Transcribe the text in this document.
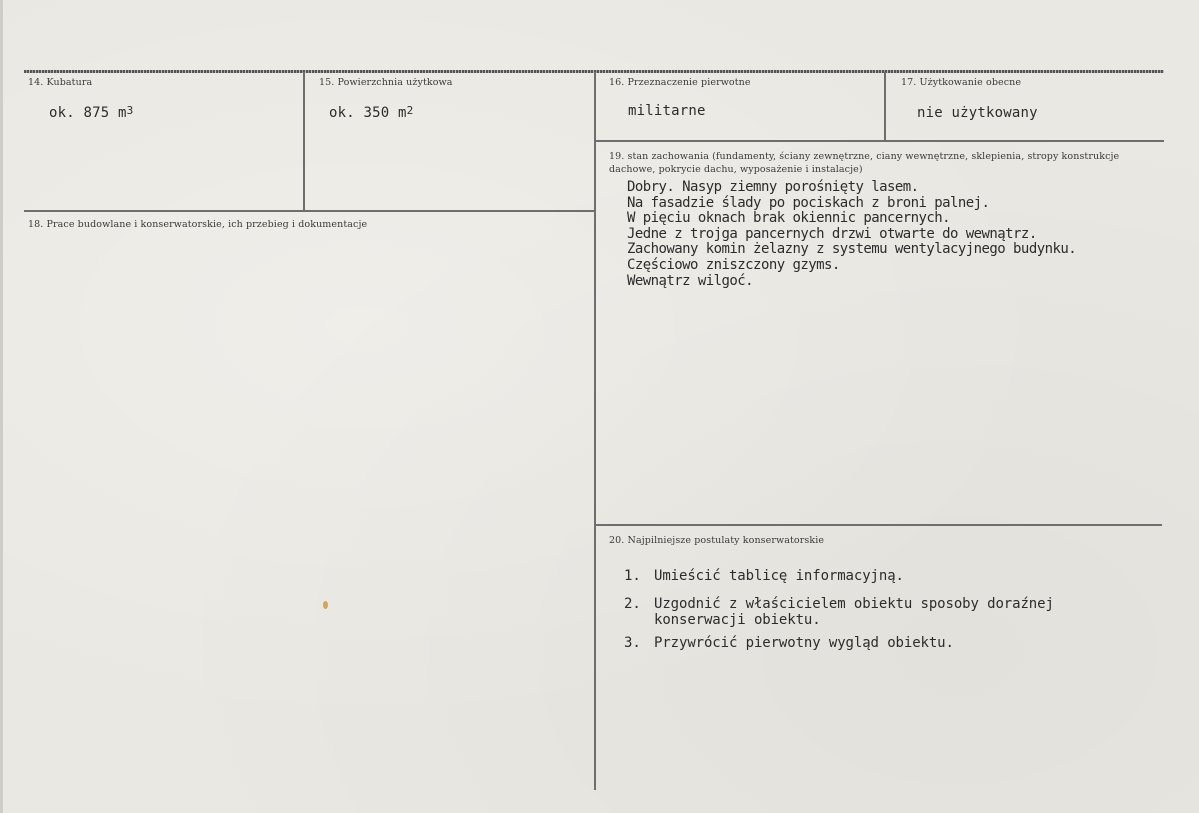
14. Kubatura
ok. 875 $m^3$
15. Powierzchnia użytkowa
ok. 350 $m^2$
16. Przeznaczenie pierwotne
militarne
17. Użytkowanie obecne
nie użytkowany
18. Prace budowlane i konserwatorskie, ich przebieg i dokumentacje
19. stan zachowania (fundamenty, ściany zewnętrzne, ciany wewnętrzne, sklepienia, stropy konstrukcje dachowe, pokrycie dachu, wyposażenie i instalacje)
Dobry. Nasyp ziemny porośnięty lasem.
Na fasadzie ślady po pociskach z broni palnej.
W pięciu oknach brak okiennic pancernych.
Jedne z trojga pancernych drzwi otwarte do wewnątrz.
Zachowany komin żelazny z systemu wentylacyjnego budynku.
Częściowo zniszczony gzyms.
Wewnątrz wilgoć.
20. Najpilniejsze postulaty konserwatorskie
1. Umieścić tablicę informacyjną.
2. Uzgodnić z właścicielem obiektu sposoby doraźnej
konserwacji obiektu.
3. Przywrócić pierwotny wygląd obiektu.
